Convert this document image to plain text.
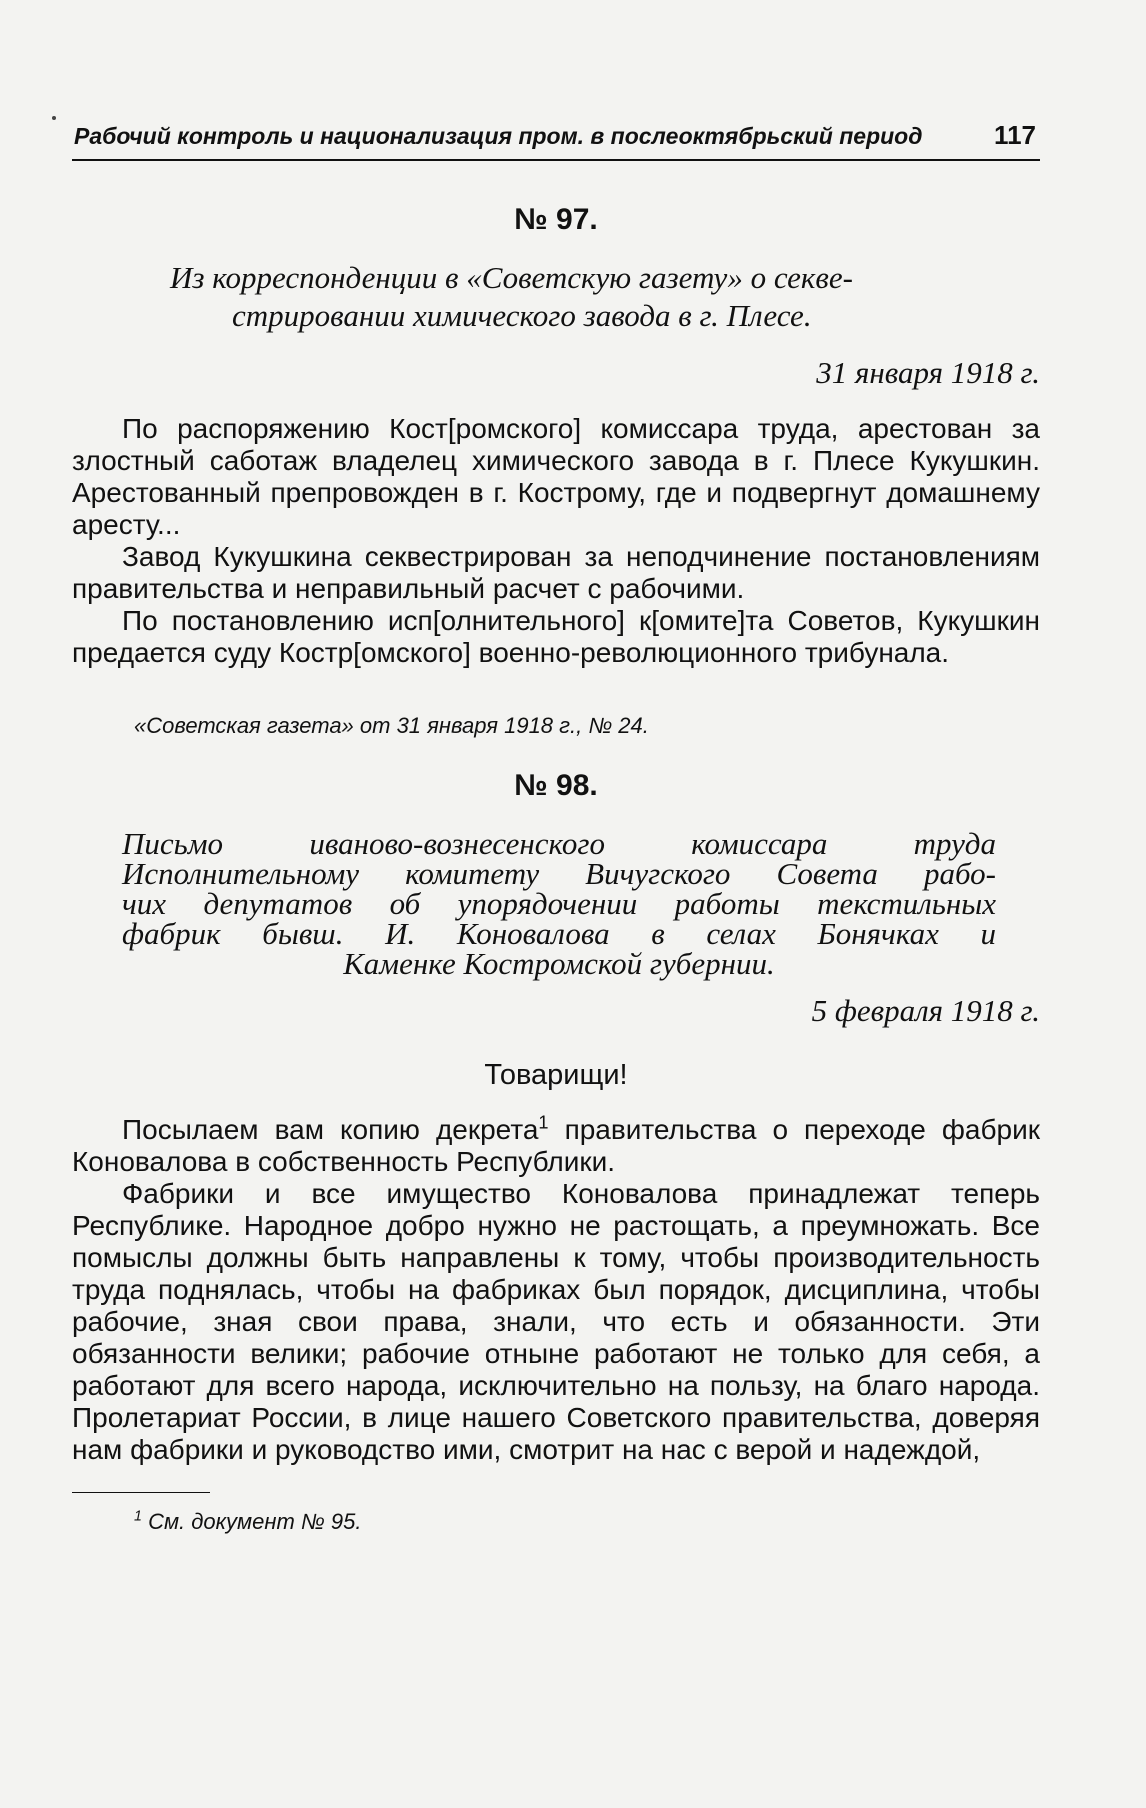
Рабочий контроль и национализация пром. в послеоктябрьский период	117

№ 97.

Из корреспонденции в «Советскую газету» о секве-
стрировании химического завода в г. Плесе.

31 января 1918 г.

По распоряжению Кост[ромского] комиссара труда, арестован за злостный саботаж владелец химического завода в г. Плесе Кукушкин. Арестованный препровожден в г. Кострому, где и подвергнут домашнему аресту...

Завод Кукушкина секвестрирован за неподчинение постановлениям правительства и неправильный расчет с рабочими.

По постановлению исп[олнительного] к[омите]та Советов, Кукушкин предается суду Костр[омского] военно-революционного трибунала.

«Советская газета» от 31 января 1918 г., № 24.

№ 98.

Письмо иваново-вознесенского комиссара труда
Исполнительному комитету Вичугского Совета рабо-
чих депутатов об упорядочении работы текстильных
фабрик бывш. И. Коновалова в селах Бонячках и
Каменке Костромской губернии.

5 февраля 1918 г.

Товарищи!

Посылаем вам копию декрета$^1$ правительства о переходе фабрик Коновалова в собственность Республики.

Фабрики и все имущество Коновалова принадлежат теперь Республике. Народное добро нужно не растощать, а преумножать. Все помыслы должны быть направлены к тому, чтобы производительность труда поднялась, чтобы на фабриках был порядок, дисциплина, чтобы рабочие, зная свои права, знали, что есть и обязанности. Эти обязанности велики; рабочие отныне работают не только для себя, а работают для всего народа, исключительно на пользу, на благо народа. Пролетариат России, в лице нашего Советского правительства, доверяя нам фабрики и руководство ими, смотрит на нас с верой и надеждой,

$^1$ См. документ № 95.
